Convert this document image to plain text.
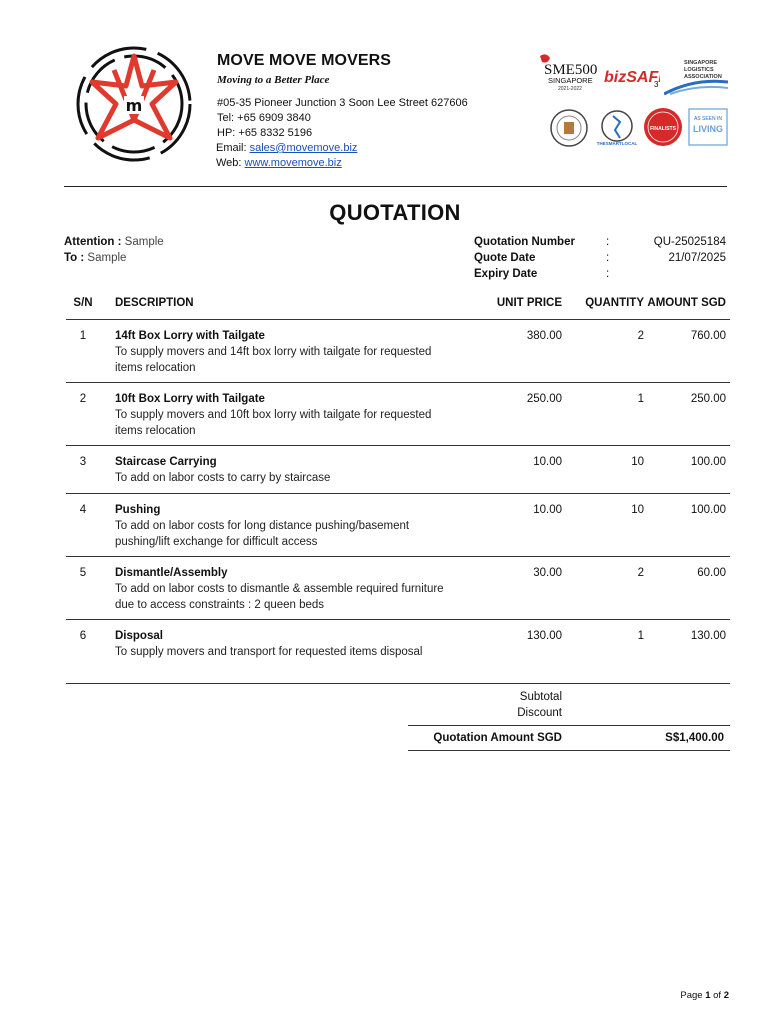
m
MOVE MOVE MOVERS
Moving to a Better Place
#05-35 Pioneer Junction 3 Soon Lee Street 627606
Tel: +65 6909 3840
HP: +65 8332 5196
Email: sales@movemove.biz
Web: www.movemove.biz
SME500
SINGAPORE
2021-2022
bizSAF
3
SINGAPORE
LOGISTICS
ASSOCIATION
THESMARTLOCAL
FINALISTS
AS SEEN IN
LIVING
QUOTATION
Attention : Sample
To : Sample
Quotation Number	:	QU-25025184
Quote Date	:	21/07/2025
Expiry Date	:
S/N	DESCRIPTION	UNIT PRICE	QUANTITY AMOUNT SGD
1	14ft Box Lorry with Tailgate
To supply movers and 14ft box lorry with tailgate for requested items relocation
380.00	2	760.00
2	10ft Box Lorry with Tailgate
To supply movers and 10ft box lorry with tailgate for requested items relocation
250.00	1	250.00
3	Staircase Carrying
To add on labor costs to carry by staircase
10.00	10	100.00
4	Pushing
To add on labor costs for long distance pushing/basement pushing/lift exchange for difficult access
10.00	10	100.00
5	Dismantle/Assembly
To add on labor costs to dismantle & assemble required furniture due to access constraints : 2 queen beds
30.00	2	60.00
6	Disposal
To supply movers and transport for requested items disposal
130.00	1	130.00
Subtotal
Discount
Quotation Amount SGD	S$1,400.00
Page 1 of 2
